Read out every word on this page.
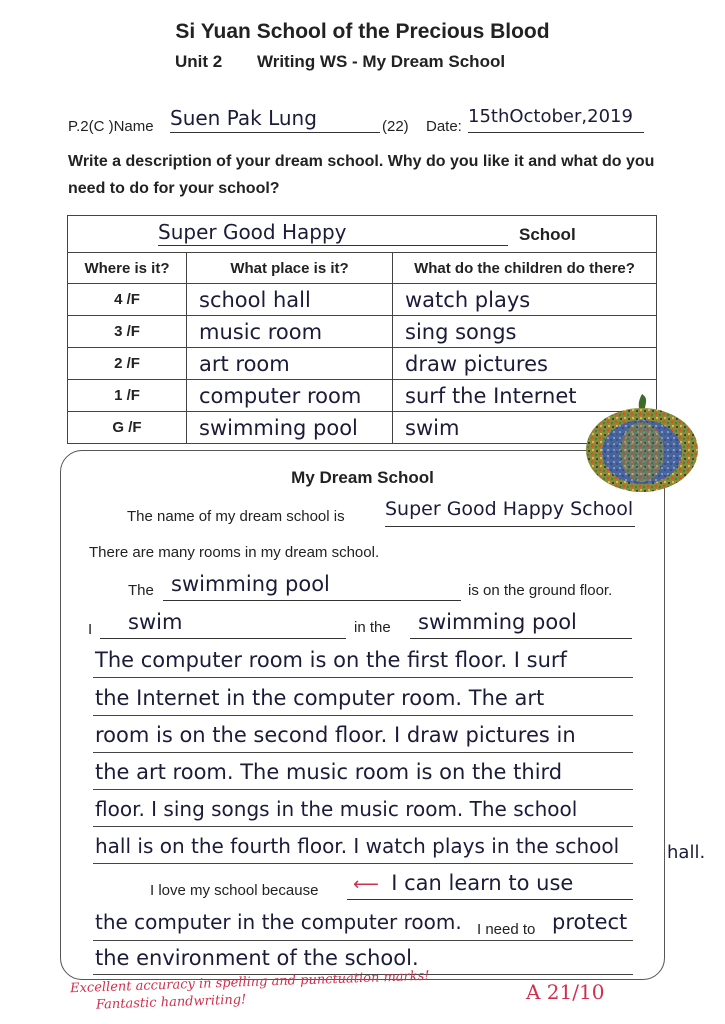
Si Yuan School of the Precious Blood
Unit 2 Writing WS - My Dream School
P.2(C )Name Suen Pak Lung	(22) Date: 15thOctober,2019
Write a description of your dream school. Why do you like it and what do you need to do for your school?
Super Good Happy School		

Where is it?	What place is it?	What do the children do there?
4 /F	school hall	watch plays
3 /F	music room	sing songs
2 /F	art room	draw pictures
1 /F	computer room	surf the Internet
G /F	swimming pool	swim
My Dream School
The name of my dream school is Super Good Happy School
There are many rooms in my dream school.
The swimming pool	is on the ground floor.
I	swim	in the	swimming pool
The computer room is on the first floor. I surf
the Internet in the computer room. The art
room is on the second floor. I draw pictures in
the art room. The music room is on the third
floor. I sing songs in the music room. The school
hall is on the fourth floor. I watch plays in the school	hall.
I love my school because	⟵ I can learn to use
the computer in the computer room. I need to protect
the environment of the school.
Excellent accuracy in spelling and punctuation marks!
Fantastic handwriting!	A 21/10
